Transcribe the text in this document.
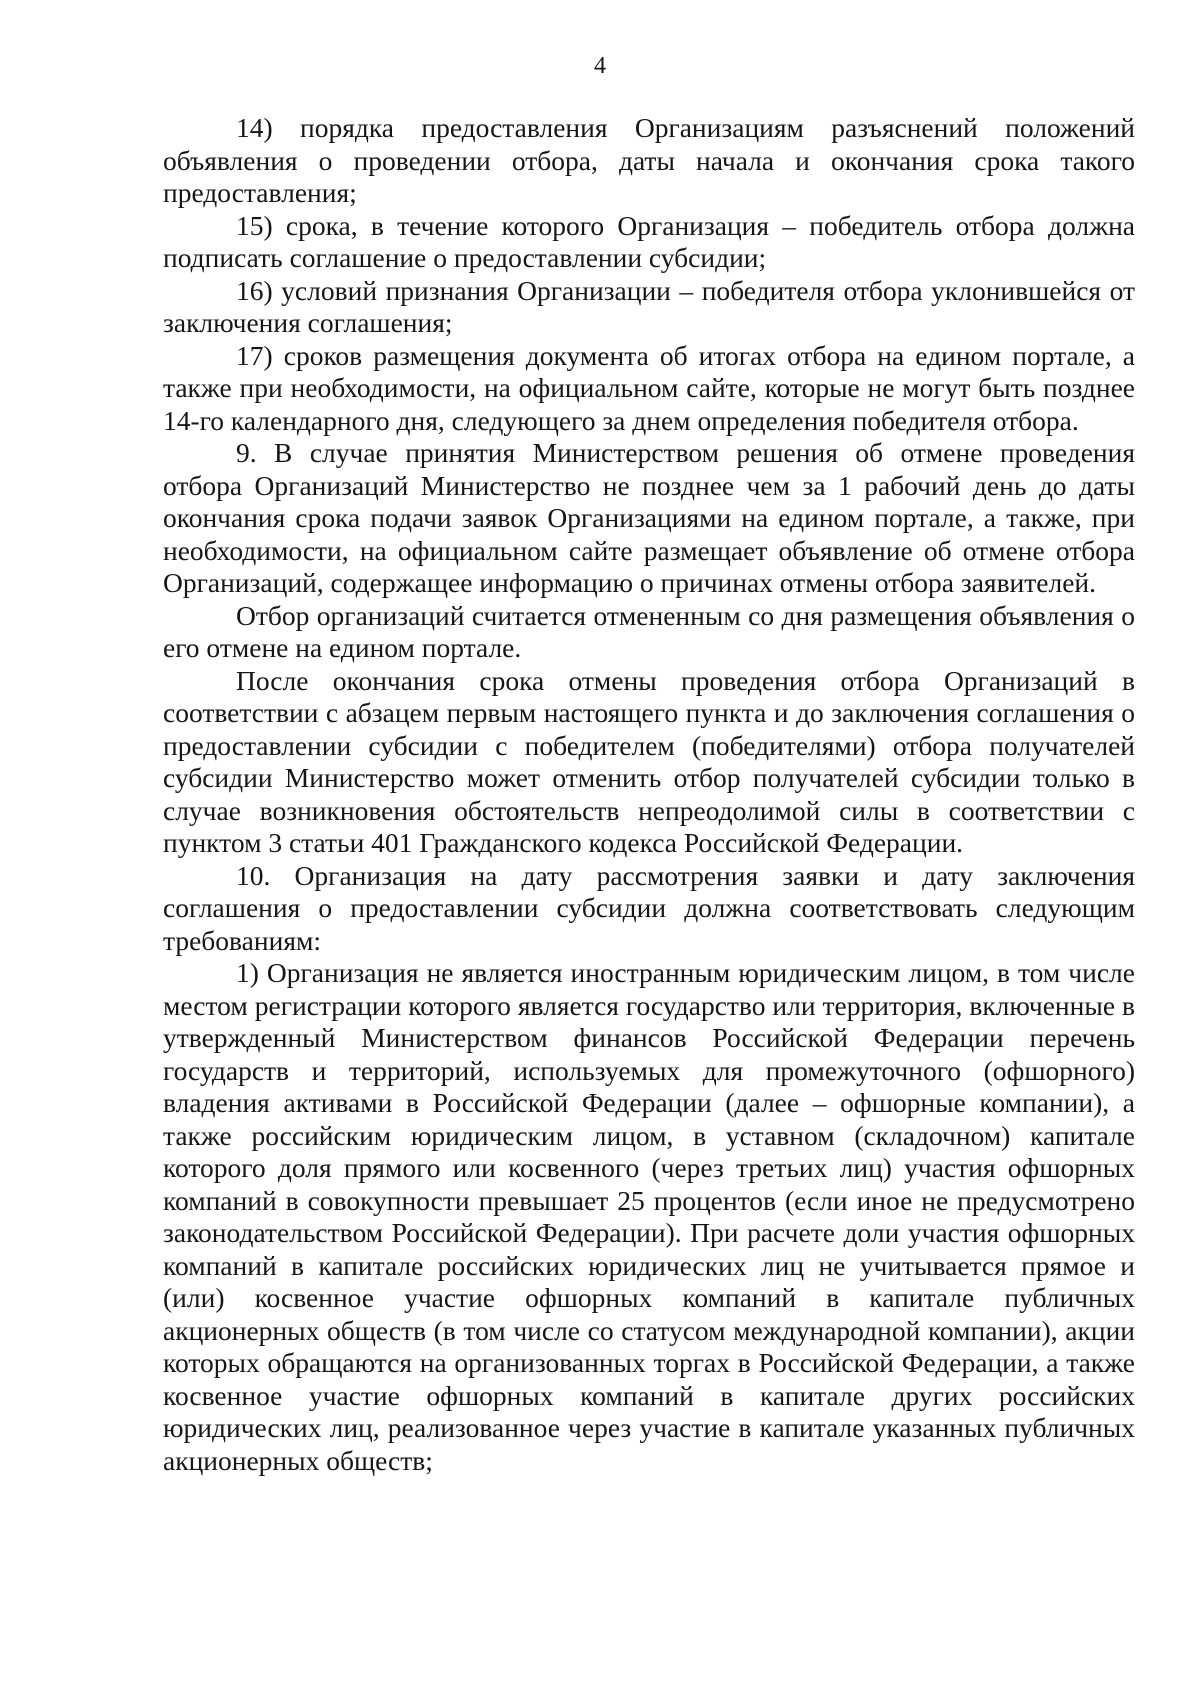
4

14) порядка предоставления Организациям разъяснений положений объявления о проведении отбора, даты начала и окончания срока такого предоставления;

15) срока, в течение которого Организация – победитель отбора должна подписать соглашение о предоставлении субсидии;

16) условий признания Организации – победителя отбора уклонившейся от заключения соглашения;

17) сроков размещения документа об итогах отбора на едином портале, а также при необходимости, на официальном сайте, которые не могут быть позднее 14-го календарного дня, следующего за днем определения победителя отбора.

9. В случае принятия Министерством решения об отмене проведения отбора Организаций Министерство не позднее чем за 1 рабочий день до даты окончания срока подачи заявок Организациями на едином портале, а также, при необходимости, на официальном сайте размещает объявление об отмене отбора Организаций, содержащее информацию о причинах отмены отбора заявителей.

Отбор организаций считается отмененным со дня размещения объявления о его отмене на едином портале.

После окончания срока отмены проведения отбора Организаций в соответствии с абзацем первым настоящего пункта и до заключения соглашения о предоставлении субсидии с победителем (победителями) отбора получателей субсидии Министерство может отменить отбор получателей субсидии только в случае возникновения обстоятельств непреодолимой силы в соответствии с пунктом 3 статьи 401 Гражданского кодекса Российской Федерации.

10. Организация на дату рассмотрения заявки и дату заключения соглашения о предоставлении субсидии должна соответствовать следующим требованиям:

1) Организация не является иностранным юридическим лицом, в том числе местом регистрации которого является государство или территория, включенные в утвержденный Министерством финансов Российской Федерации перечень государств и территорий, используемых для промежуточного (офшорного) владения активами в Российской Федерации (далее – офшорные компании), а также российским юридическим лицом, в уставном (складочном) капитале которого доля прямого или косвенного (через третьих лиц) участия офшорных компаний в совокупности превышает 25 процентов (если иное не предусмотрено законодательством Российской Федерации). При расчете доли участия офшорных компаний в капитале российских юридических лиц не учитывается прямое и (или) косвенное участие офшорных компаний в капитале публичных акционерных обществ (в том числе со статусом международной компании), акции которых обращаются на организованных торгах в Российской Федерации, а также косвенное участие офшорных компаний в капитале других российских юридических лиц, реализованное через участие в капитале указанных публичных акционерных обществ;
